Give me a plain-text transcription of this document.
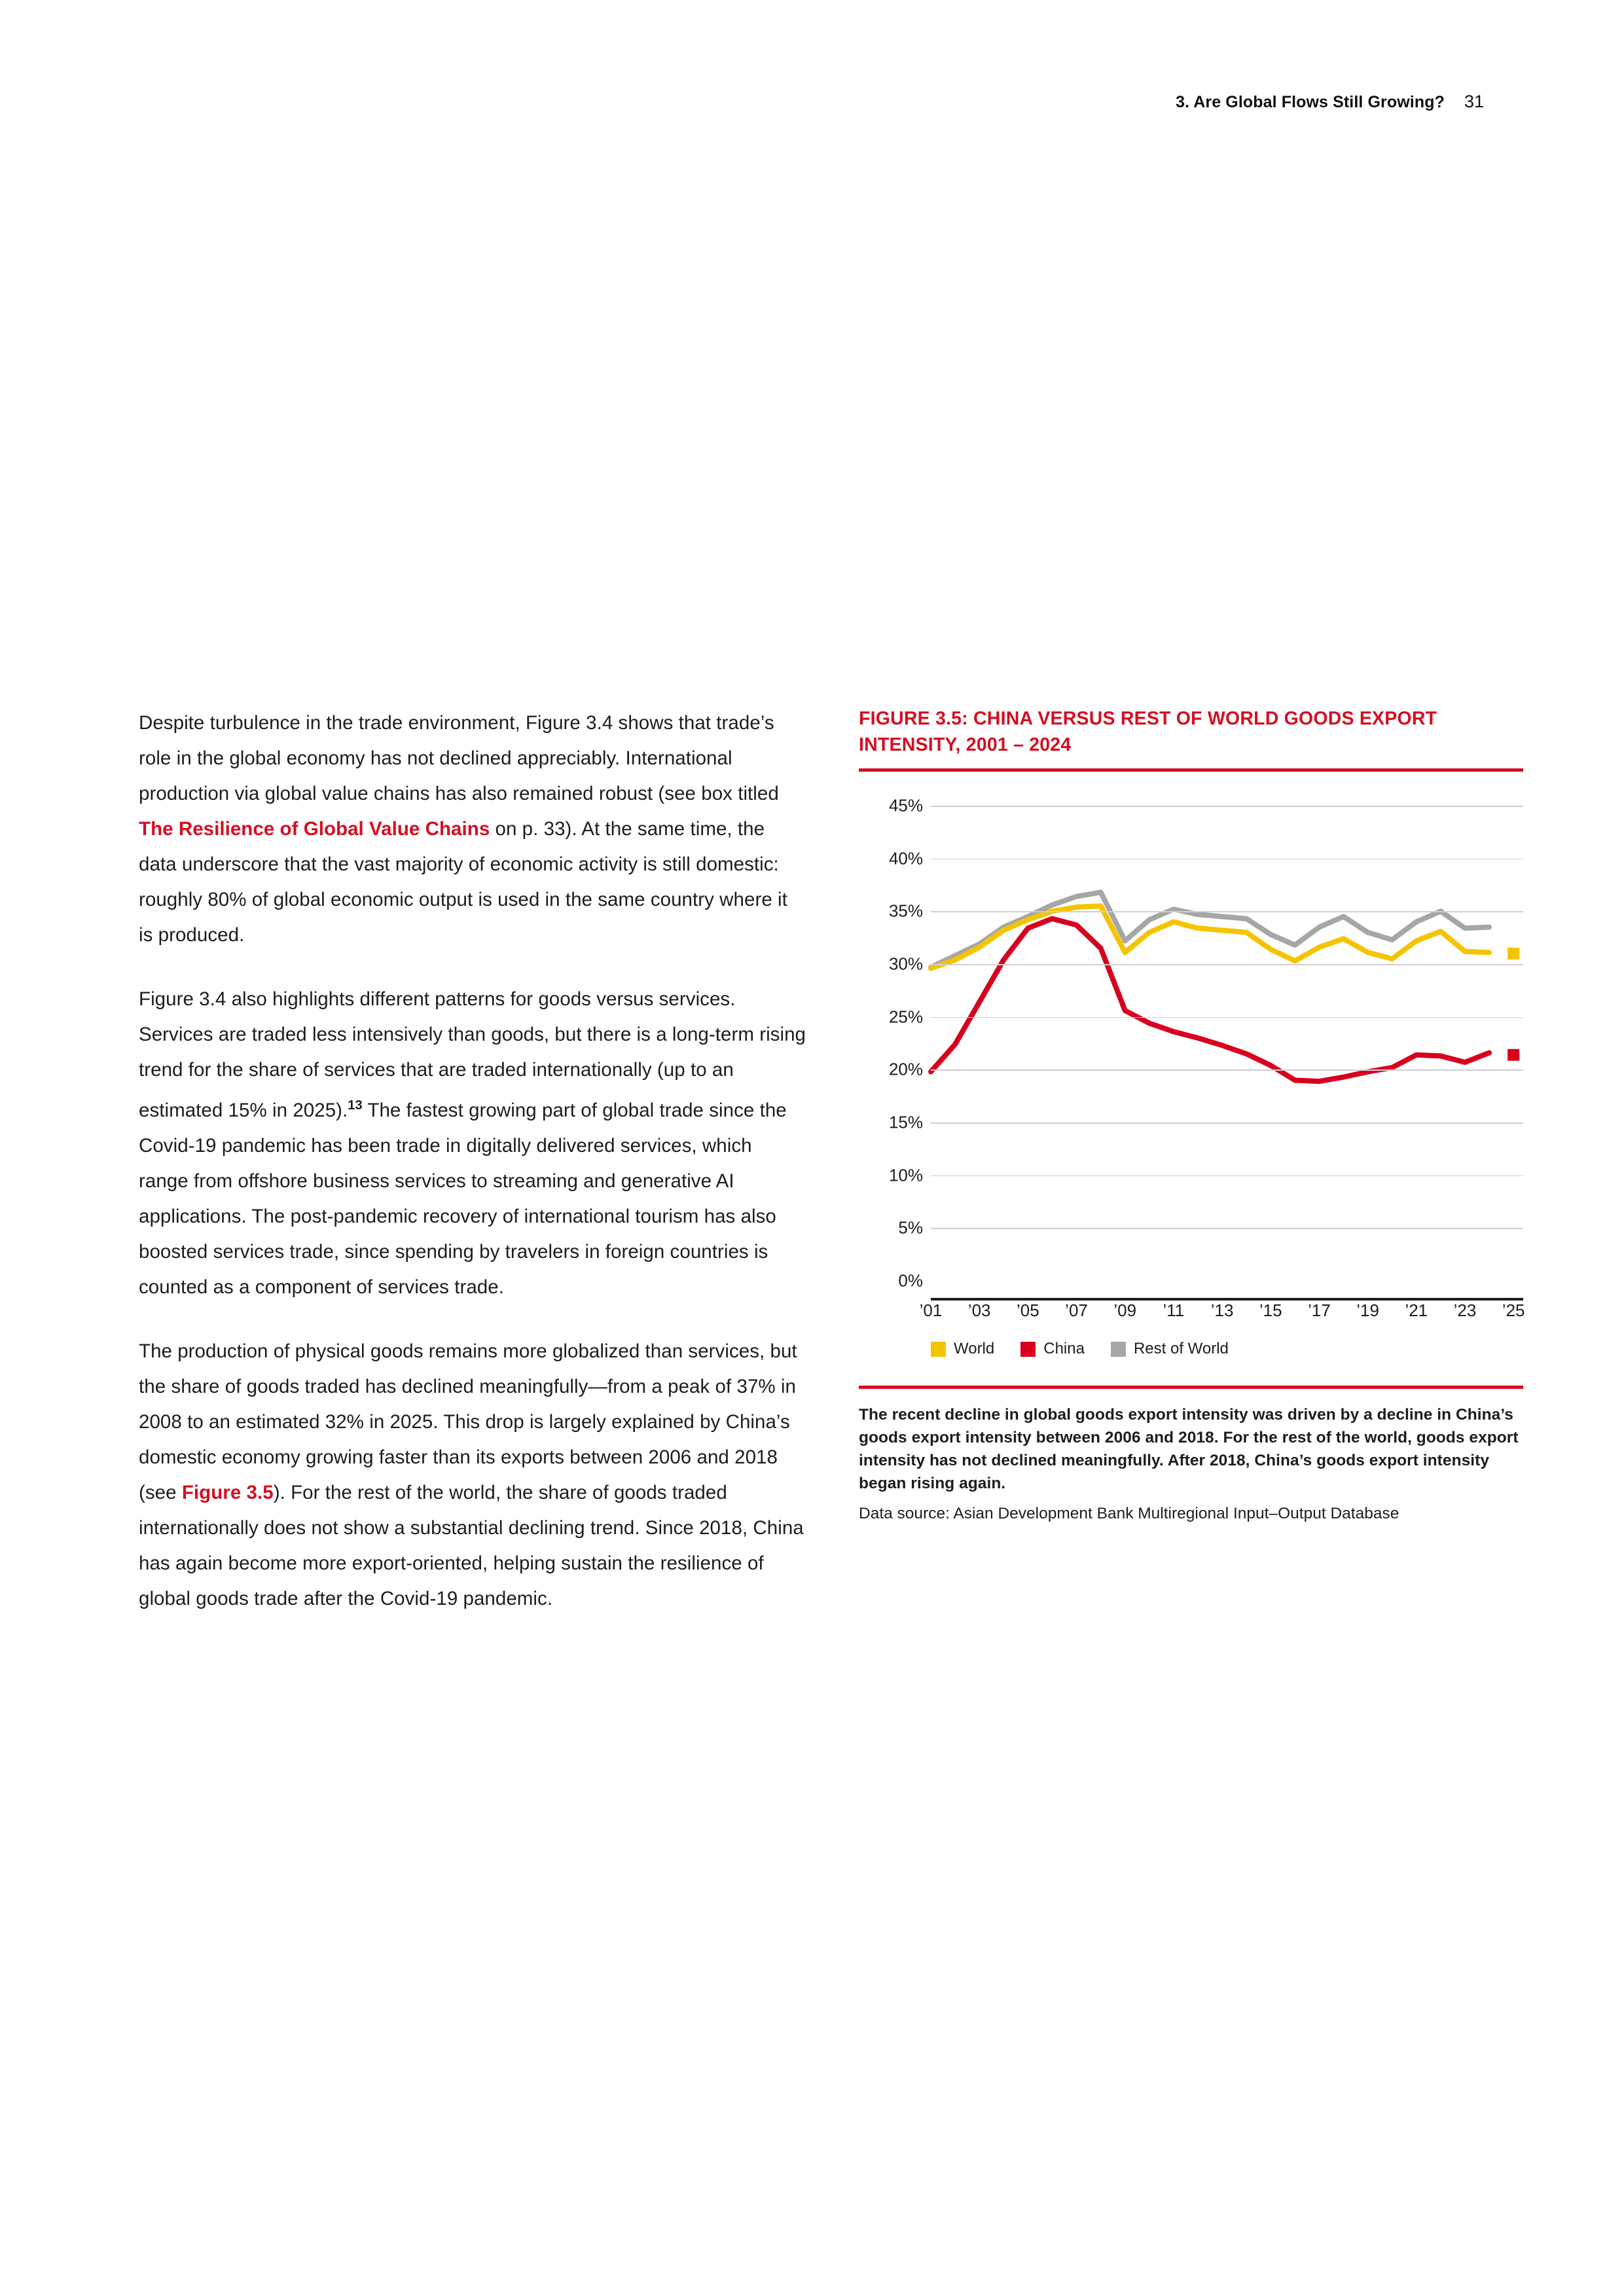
3. Are Global Flows Still Growing? 31

Despite turbulence in the trade environment, Figure 3.4 shows that trade’s role in the global economy has not declined appreciably. International production via global value chains has also remained robust (see box titled The Resilience of Global Value Chains on p. 33). At the same time, the data underscore that the vast majority of economic activity is still domestic: roughly 80% of global economic output is used in the same country where it is produced.

Figure 3.4 also highlights different patterns for goods versus services. Services are traded less intensively than goods, but there is a long-term rising trend for the share of services that are traded internationally (up to an estimated 15% in 2025).$^{13}$ The fastest growing part of global trade since the Covid-19 pandemic has been trade in digitally delivered services, which range from offshore business services to streaming and generative AI applications. The post-pandemic recovery of international tourism has also boosted services trade, since spending by travelers in foreign countries is counted as a component of services trade.

The production of physical goods remains more globalized than services, but the share of goods traded has declined meaningfully—from a peak of 37% in 2008 to an estimated 32% in 2025. This drop is largely explained by China’s domestic economy growing faster than its exports between 2006 and 2018 (see Figure 3.5). For the rest of the world, the share of goods traded internationally does not show a substantial declining trend. Since 2018, China has again become more export-oriented, helping sustain the resilience of global goods trade after the Covid-19 pandemic.

FIGURE 3.5: CHINA VERSUS REST OF WORLD GOODS EXPORT INTENSITY, 2001 – 2024
0%
5%
10%
15%
20%
25%
30%
35%
40%
45%
’01 ’03 ’05 ’07 ’09 ’11 ’13 ’15 ’17 ’19 ’21 ’23 ’25
World	China	Rest of World
The recent decline in global goods export intensity was driven by a decline in China’s goods export intensity between 2006 and 2018. For the rest of the world, goods export intensity has not declined meaningfully. After 2018, China’s goods export intensity began rising again.
Data source: Asian Development Bank Multiregional Input–Output Database
